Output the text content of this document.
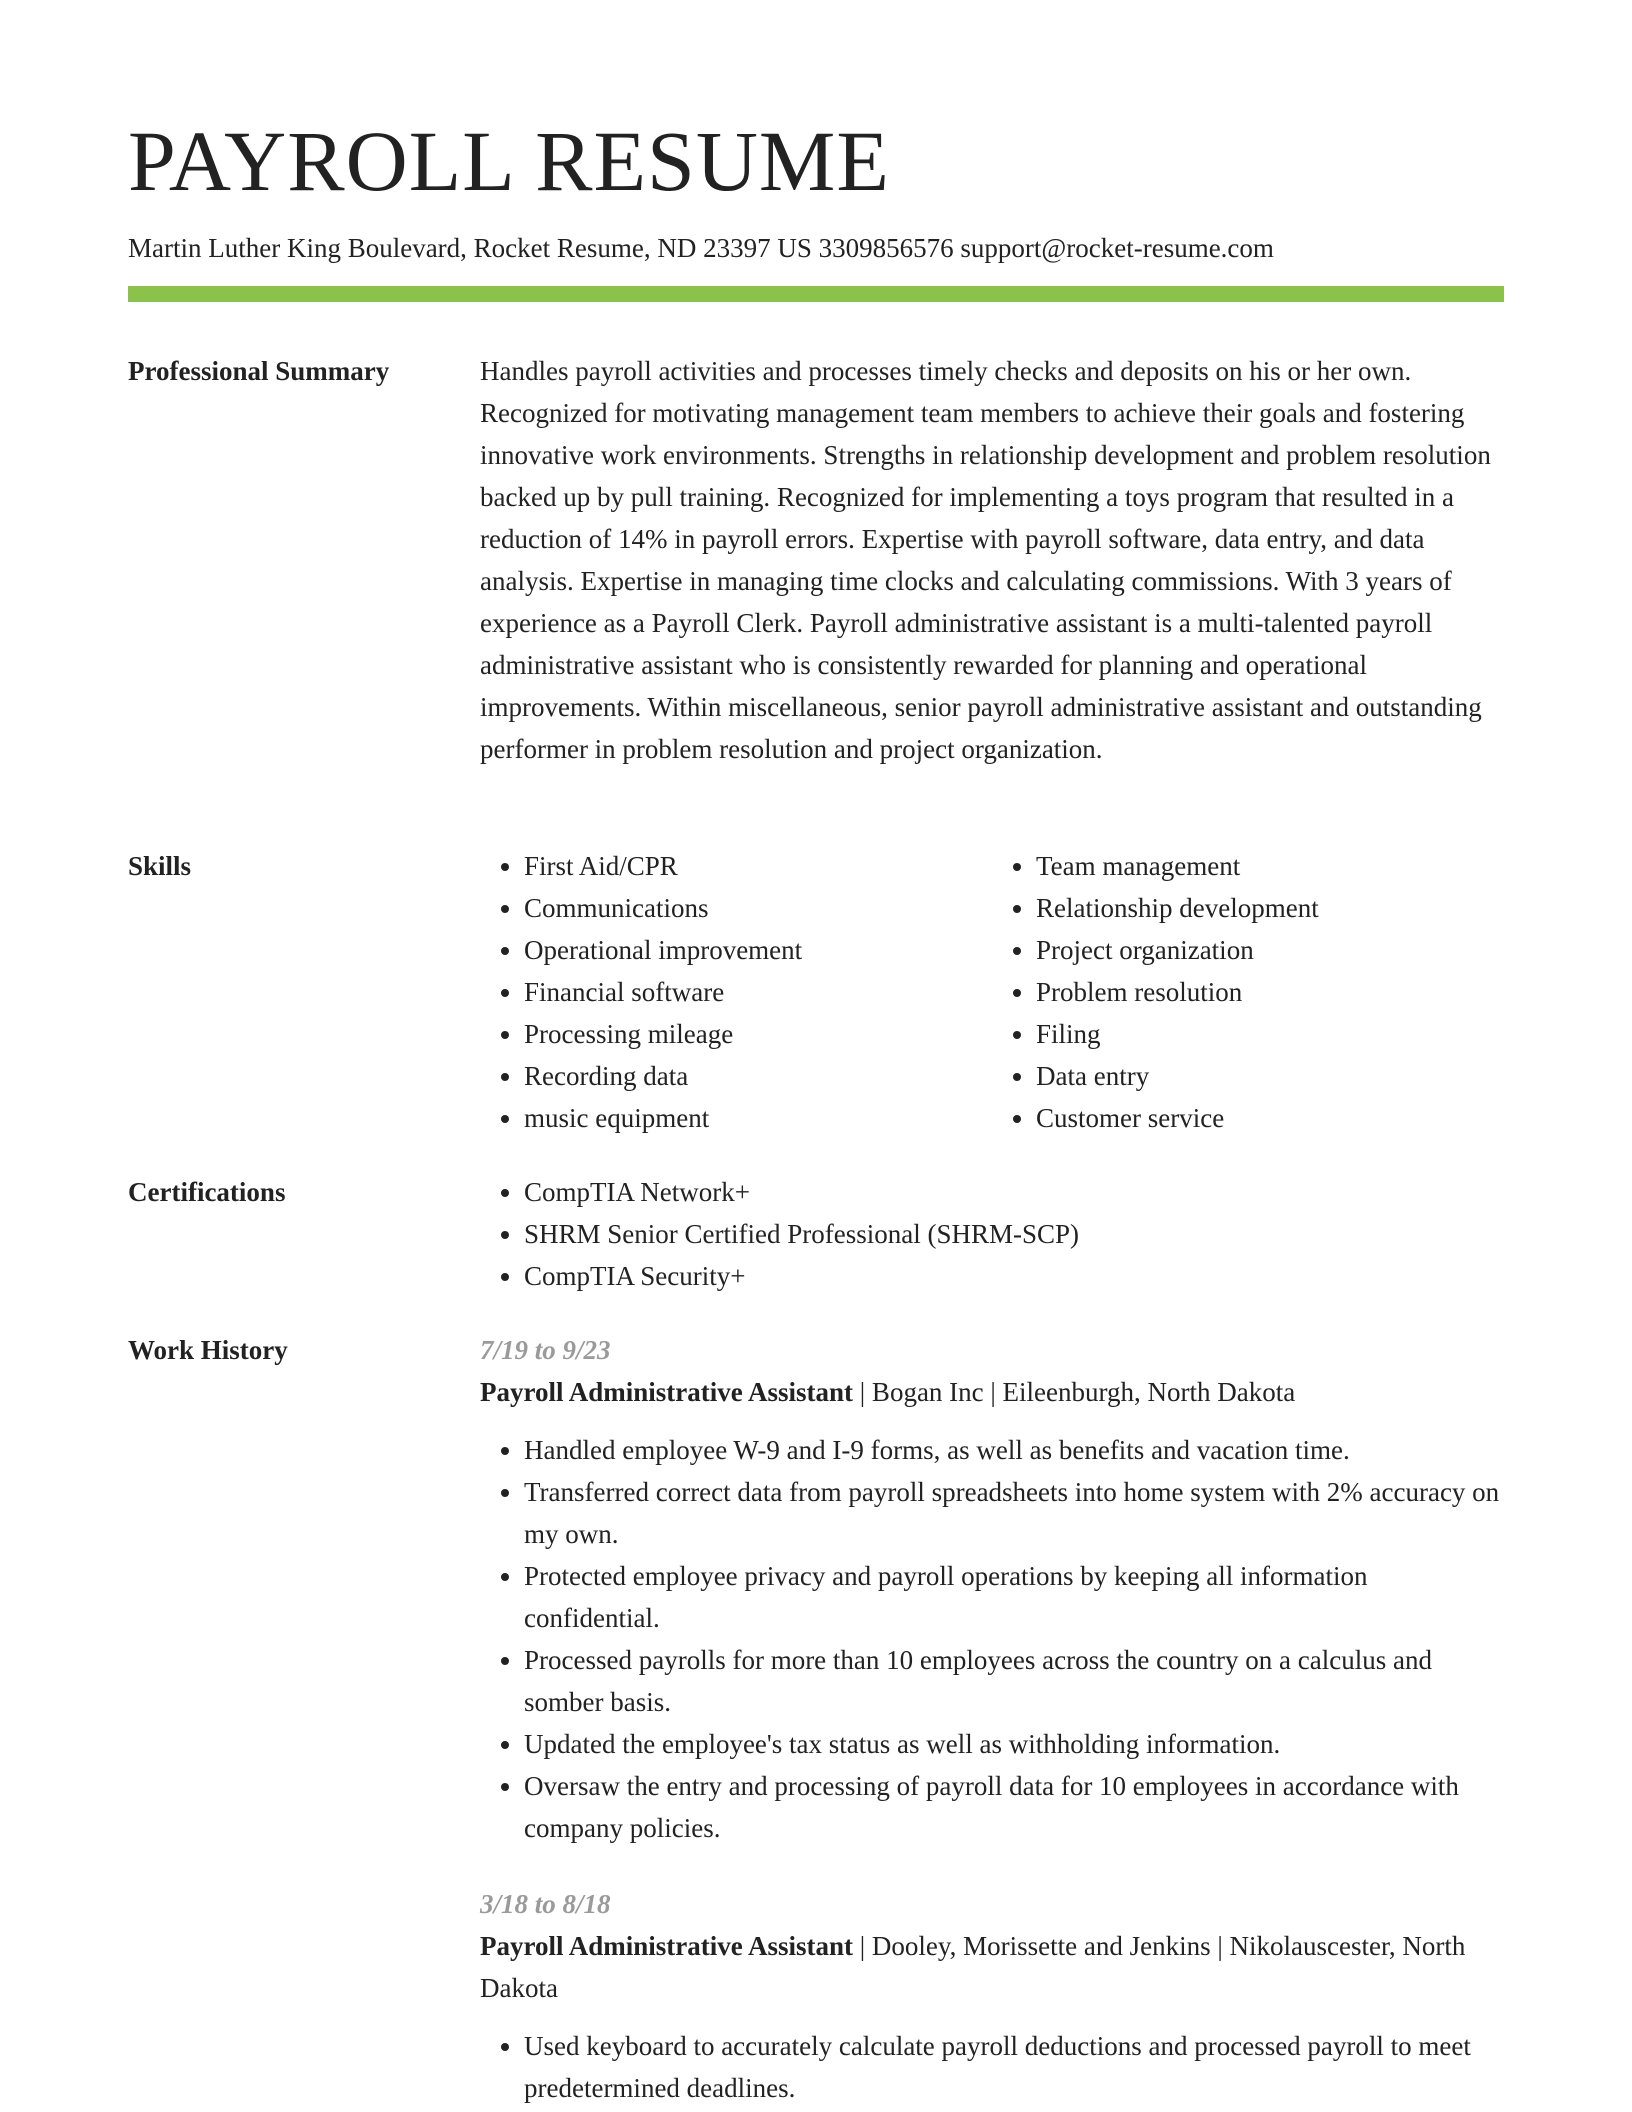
PAYROLL RESUME
Martin Luther King Boulevard, Rocket Resume, ND 23397 US 3309856576 support@rocket-resume.com
Professional Summary	Handles payroll activities and processes timely checks and deposits on his or her own. Recognized for motivating management team members to achieve their goals and fostering innovative work environments. Strengths in relationship development and problem resolution backed up by pull training. Recognized for implementing a toys program that resulted in a reduction of 14% in payroll errors. Expertise with payroll software, data entry, and data analysis. Expertise in managing time clocks and calculating commissions. With 3 years of experience as a Payroll Clerk. Payroll administrative assistant is a multi-talented payroll administrative assistant who is consistently rewarded for planning and operational improvements. Within miscellaneous, senior payroll administrative assistant and outstanding performer in problem resolution and project organization.

Skills	• First Aid/CPR
• Communications
• Operational improvement
• Financial software
• Processing mileage
• Recording data
• music equipment
• Team management
• Relationship development
• Project organization
• Problem resolution
• Filing
• Data entry
• Customer service
Certifications	• CompTIA Network+
• SHRM Senior Certified Professional (SHRM-SCP)
• CompTIA Security+
Work History	7/19 to 9/23
Payroll Administrative Assistant | Bogan Inc | Eileenburgh, North Dakota
• Handled employee W-9 and I-9 forms, as well as benefits and vacation time.
• Transferred correct data from payroll spreadsheets into home system with 2% accuracy on my own.
• Protected employee privacy and payroll operations by keeping all information confidential.
• Processed payrolls for more than 10 employees across the country on a calculus and somber basis.
• Updated the employee's tax status as well as withholding information.
• Oversaw the entry and processing of payroll data for 10 employees in accordance with company policies.
3/18 to 8/18
Payroll Administrative Assistant | Dooley, Morissette and Jenkins | Nikolauscester, North Dakota
• Used keyboard to accurately calculate payroll deductions and processed payroll to meet predetermined deadlines.
